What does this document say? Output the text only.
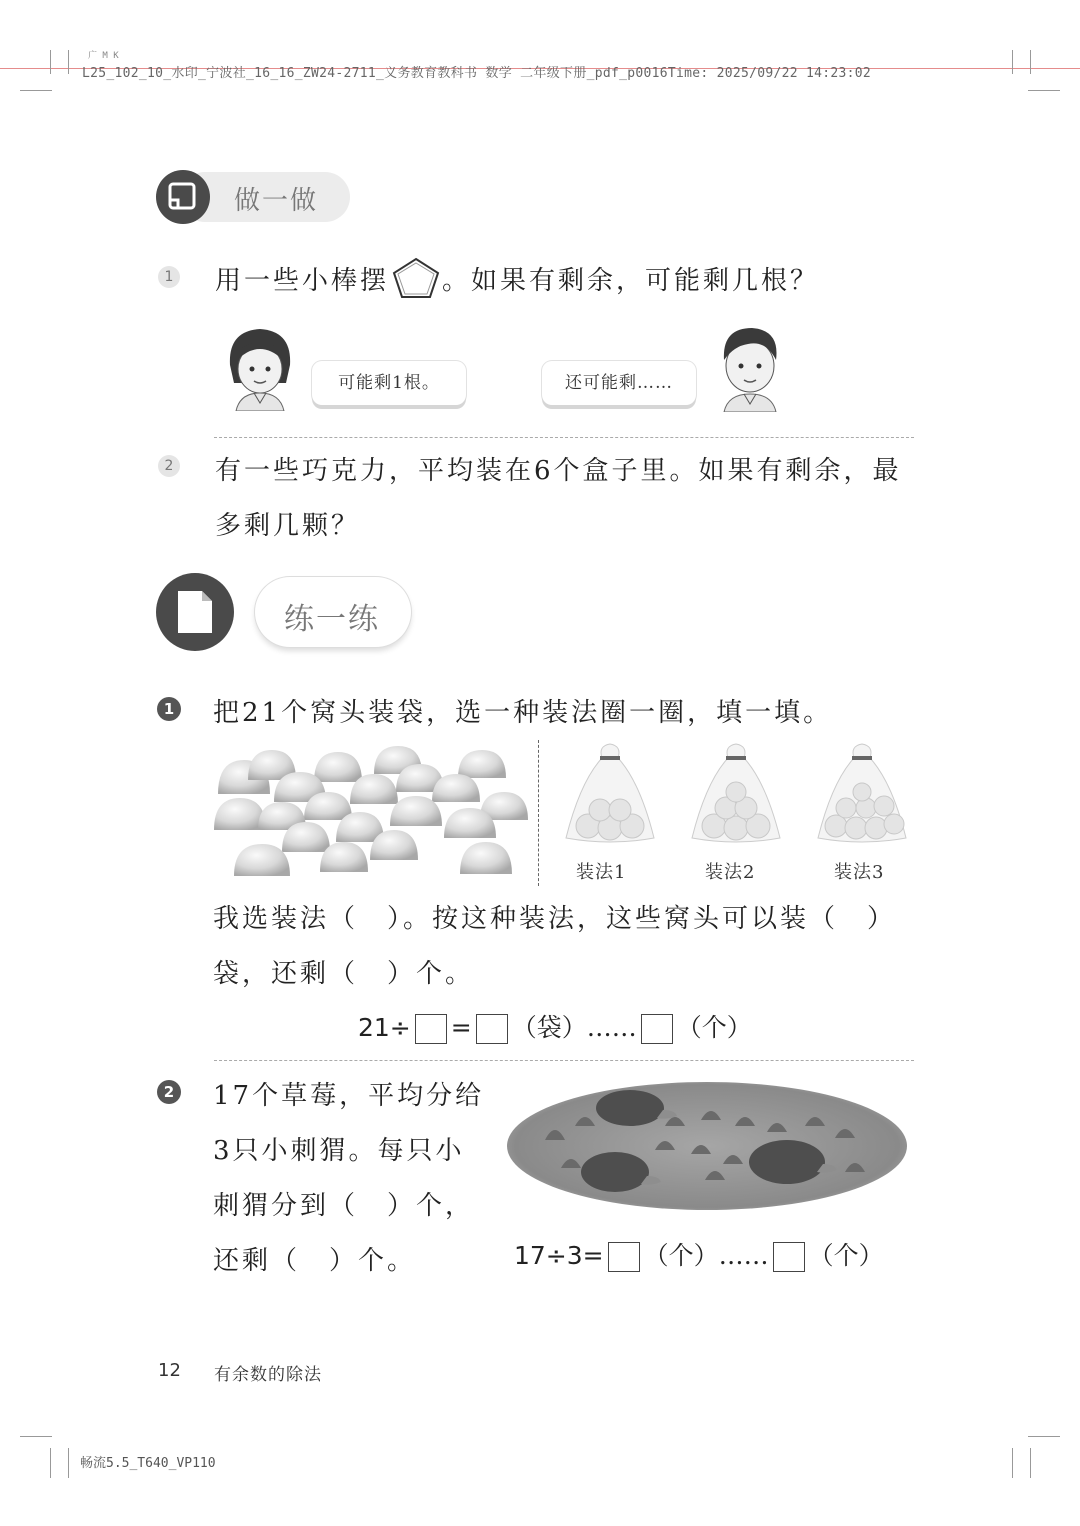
广 M K
L25_102_10_水印_宁波社_16_16_ZW24-2711_义务教育教科书 数学 二年级下册_pdf_p0016Time: 2025/09/22 14:23:02
畅流5.5_T640_VP110
做一做
1 用一些小棒摆 。如果有剩余，可能剩几根？
可能剩1根。	还可能剩……
2 有一些巧克力，平均装在6个盒子里。如果有剩余，最
多剩几颗？
练一练
1 把21个窝头装袋，选一种装法圈一圈，填一填。
装法1	装法2	装法3
我选装法（　）。按这种装法，这些窝头可以装（　）
袋，还剩（　）个。
21÷ = （袋）…… （个）
2 17个草莓，平均分给
3只小刺猬。每只小
刺猬分到（　）个，
还剩（　）个。	17÷3= （个）…… （个）
12 有余数的除法
